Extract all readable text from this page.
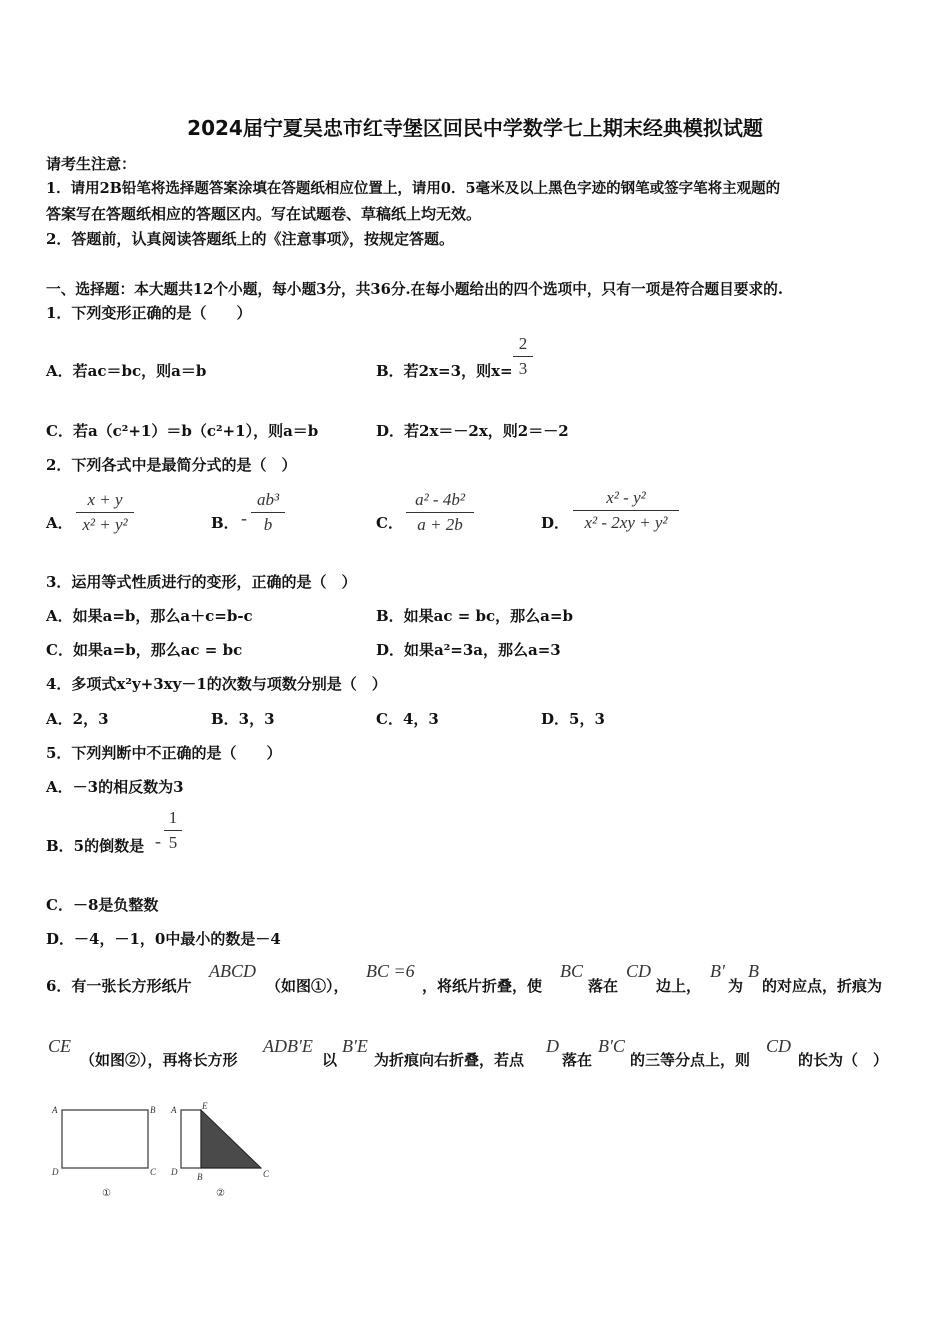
2024届宁夏吴忠市红寺堡区回民中学数学七上期末经典模拟试题
请考生注意：
1．请用2B铅笔将选择题答案涂填在答题纸相应位置上，请用0．5毫米及以上黑色字迹的钢笔或签字笔将主观题的
答案写在答题纸相应的答题区内。写在试题卷、草稿纸上均无效。
2．答题前，认真阅读答题纸上的《注意事项》，按规定答题。
一、选择题：本大题共12个小题，每小题3分，共36分.在每小题给出的四个选项中，只有一项是符合题目要求的.
1．下列变形正确的是（　　）
A．若ac＝bc，则a＝b	B．若2x=3，则x=
2
3
C．若a（c²+1）＝b（c²+1），则a＝b	D．若2x＝－2x，则2＝－2
2．下列各式中是最简分式的是（　）
A．
x + y
x² + y²	B． -
ab³
b	C．
a² - 4b²
a + 2b	D．
x² - y²
x² - 2xy + y²
3．运用等式性质进行的变形，正确的是（　）
A．如果a=b，那么a＋c=b-c	B．如果ac = bc，那么a=b
C．如果a=b，那么ac = bc	D．如果a²=3a，那么a=3
4．多项式x²y+3xy－1的次数与项数分别是（　）
A．2，3	B．3，3	C．4，3	D．5，3
5．下列判断中不正确的是（　　）
A．－3的相反数为3
B．5的倒数是 -
1
5
C．－8是负整数
D．－4，－1，0中最小的数是－4
6．有一张长方形纸片
ABCD
（如图①），
BC =6
，将纸片折叠，使
BC
落在
CD
边上，
B′
为
B
的对应点，折痕为
CE
（如图②），再将长方形
ADB′E
以
B′E
为折痕向右折叠，若点
D
落在
B′C
的三等分点上，则
CD
的长为（　）
A	B
C
D
①
A	E
D B	C
②
